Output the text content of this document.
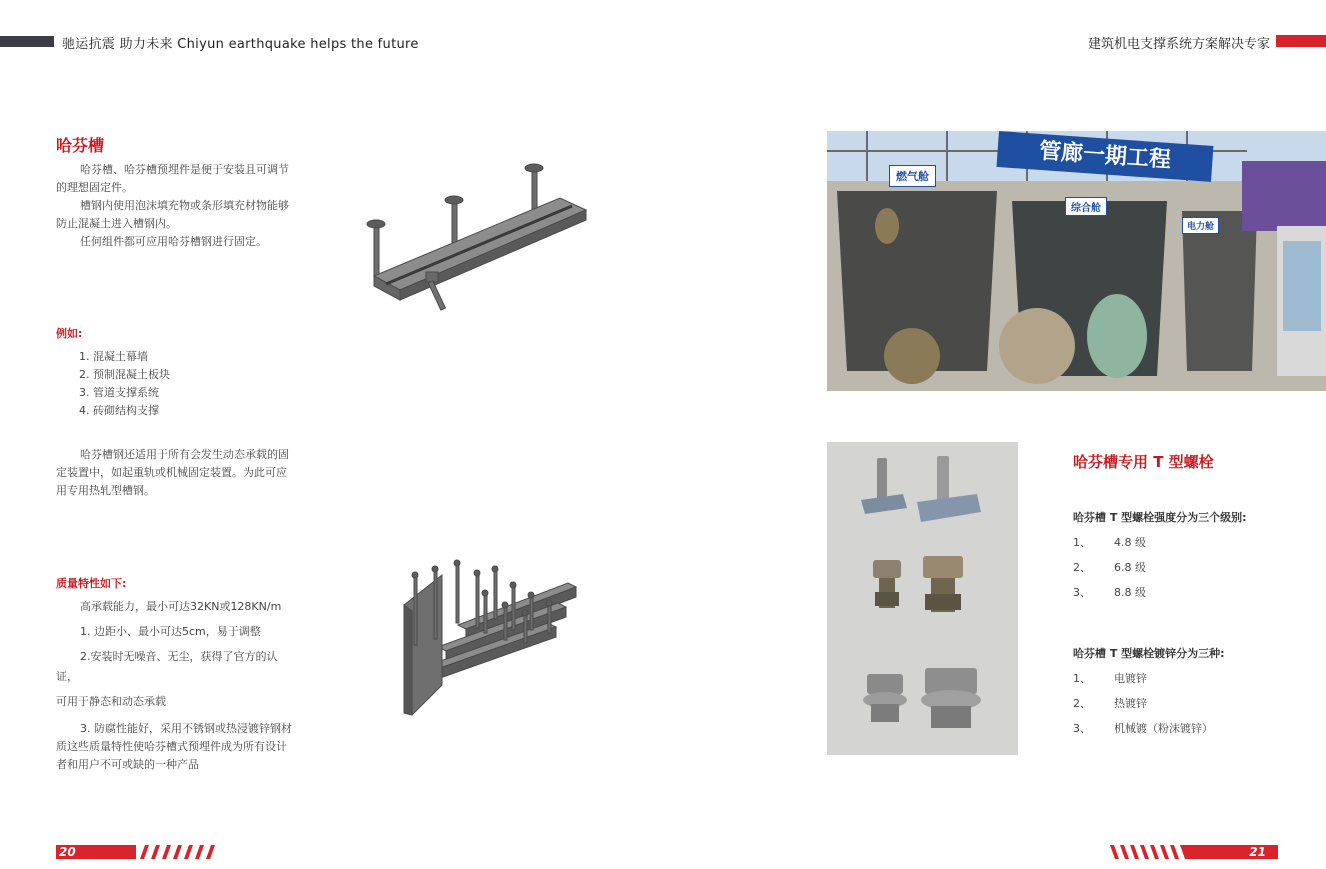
驰运抗震 助力未来 Chiyun earthquake helps the future	建筑机电支撑系统方案解决专家
哈芬槽

哈芬槽、哈芬槽预埋件是便于安装且可调节的理想固定件。

槽钢内使用泡沫填充物或条形填充材物能够防止混凝土进入槽钢内。

任何组件都可应用哈芬槽钢进行固定。

例如:
1. 混凝土幕墙
2. 预制混凝土板块
3. 管道支撑系统
4. 砖砌结构支撑

哈芬槽钢还适用于所有会发生动态承载的固定装置中，如起重轨或机械固定装置。为此可应用专用热轧型槽钢。

质量特性如下:

高承载能力，最小可达32KN或128KN/m

1. 边距小、最小可达5cm，易于调整

2.安装时无噪音、无尘，获得了官方的认证，

可用于静态和动态承载

3. 防腐性能好，采用不锈钢或热浸镀锌钢材质这些质量特性使哈芬槽式预埋件成为所有设计者和用户不可或缺的一种产品

管廊一期工程
燃气舱
综合舱
电力舱
哈芬槽专用 T 型螺栓
哈芬槽 T 型螺栓强度分为三个级别:
1、 4.8 级
2、 6.8 级
3、 8.8 级
哈芬槽 T 型螺栓镀锌分为三种:
1、 电镀锌
2、 热镀锌
3、 机械镀（粉沫镀锌）
20	21
